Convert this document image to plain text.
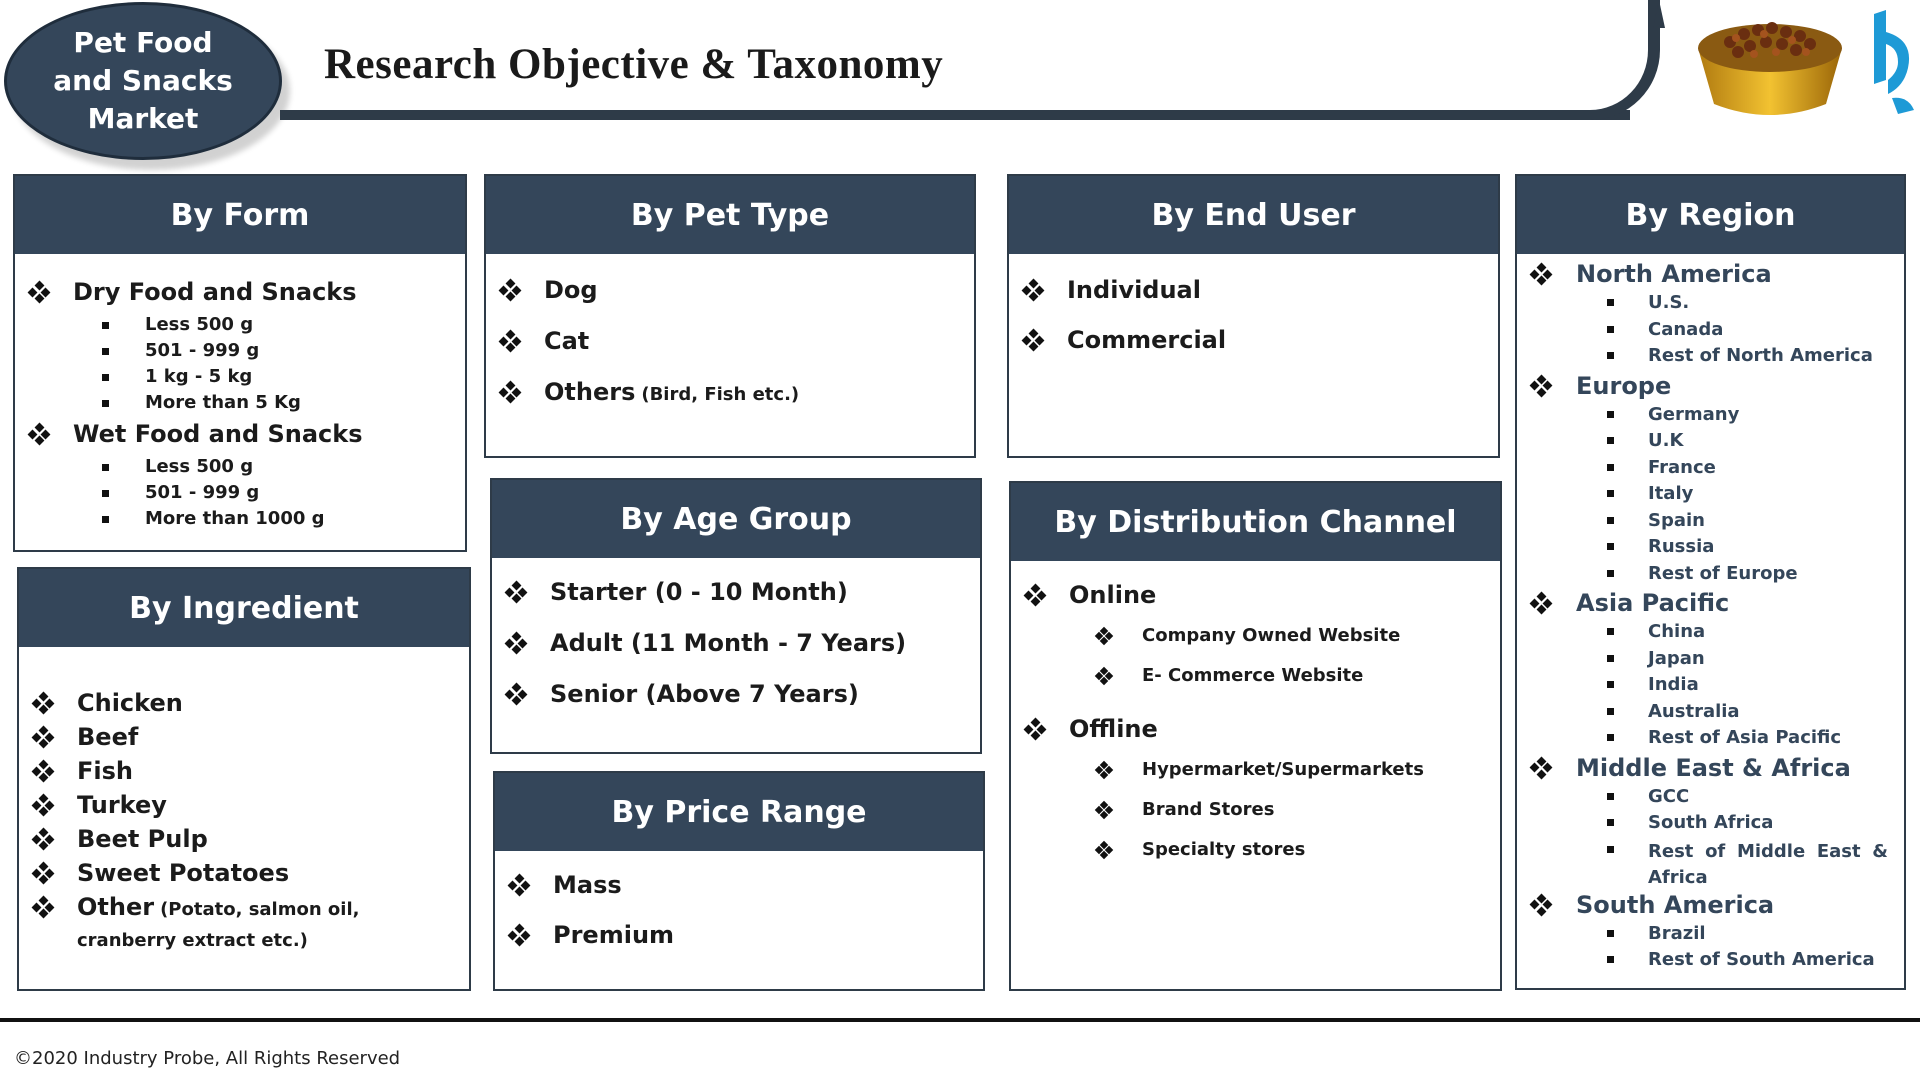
Pet Food
and Snacks
Market
Research Objective & Taxonomy
By Form
Dry Food and Snacks
Less 500 g
501 - 999 g
1 kg - 5 kg
More than 5 Kg
Wet Food and Snacks
Less 500 g
501 - 999 g
More than 1000 g
By Pet Type
Dog
Cat
Others (Bird, Fish etc.)
By End User
Individual
Commercial
By Region
North America
U.S.
Canada
Rest of North America
Europe
Germany
U.K
France
Italy
Spain
Russia
Rest of Europe
Asia Pacific
China
Japan
India
Australia
Rest of Asia Pacific
Middle East & Africa
GCC
South Africa
Rest of Middle East & Africa
South America
Brazil
Rest of South America
By Ingredient
Chicken
Beef
Fish
Turkey
Beet Pulp
Sweet Potatoes
Other (Potato, salmon oil, cranberry extract etc.)
By Age Group
Starter (0 - 10 Month)
Adult (11 Month - 7 Years)
Senior (Above 7 Years)
By Distribution Channel
Online
Company Owned Website
E- Commerce Website
Offline
Hypermarket/Supermarkets
Brand Stores
Specialty stores
By Price Range
Mass
Premium
©2020 Industry Probe, All Rights Reserved
